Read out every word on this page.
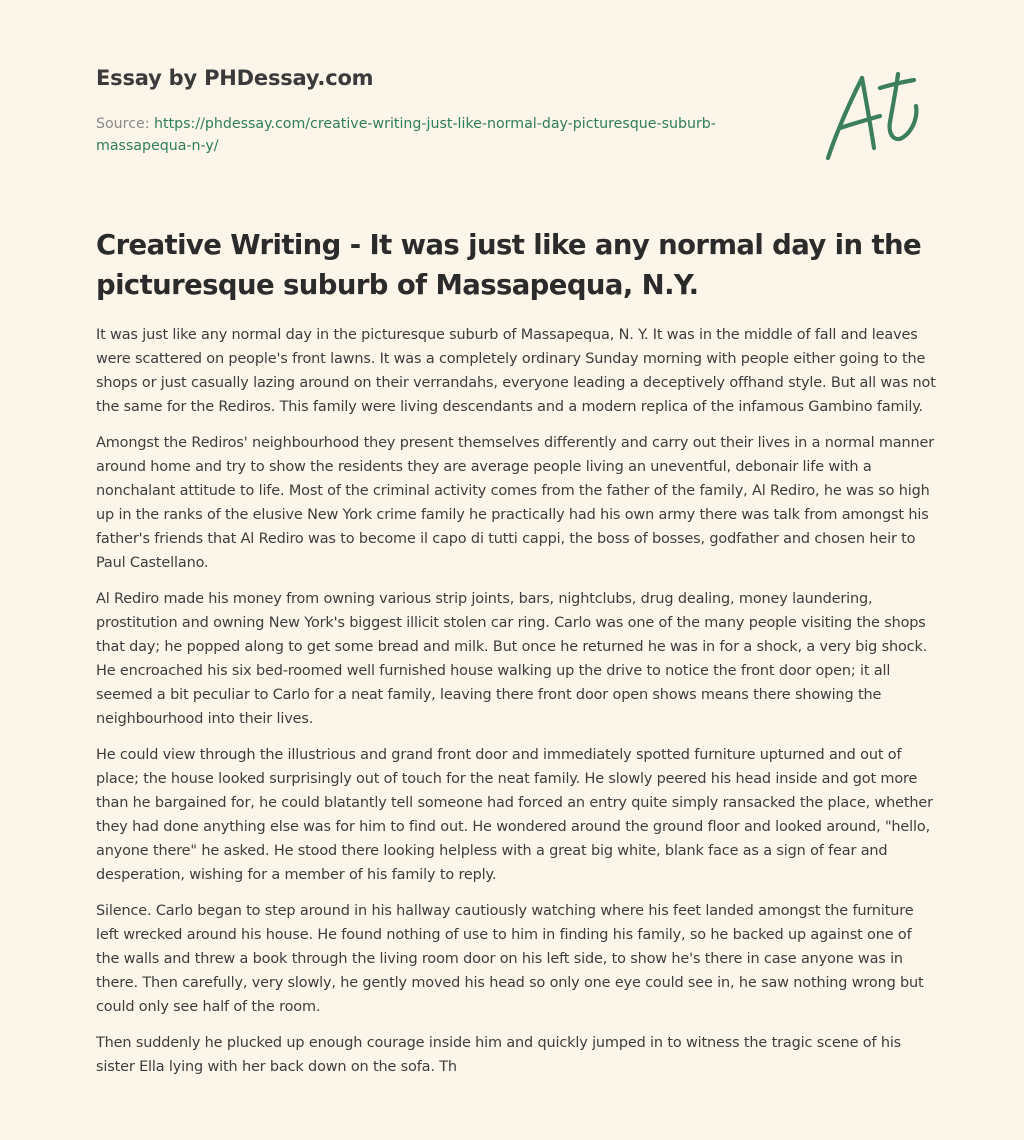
Essay by PHDessay.com
Source: https://phdessay.com/creative-writing-just-like-normal-day-picturesque-suburb-massapequa-n-y/
Creative Writing - It was just like any normal day in the picturesque suburb of Massapequa, N.Y.

It was just like any normal day in the picturesque suburb of Massapequa, N. Y. It was in the middle of fall and leaves were scattered on people's front lawns. It was a completely ordinary Sunday morning with people either going to the shops or just casually lazing around on their verrandahs, everyone leading a deceptively offhand style. But all was not the same for the Rediros. This family were living descendants and a modern replica of the infamous Gambino family.

Amongst the Rediros' neighbourhood they present themselves differently and carry out their lives in a normal manner around home and try to show the residents they are average people living an uneventful, debonair life with a nonchalant attitude to life. Most of the criminal activity comes from the father of the family, Al Rediro, he was so high up in the ranks of the elusive New York crime family he practically had his own army there was talk from amongst his father's friends that Al Rediro was to become il capo di tutti cappi, the boss of bosses, godfather and chosen heir to Paul Castellano.

Al Rediro made his money from owning various strip joints, bars, nightclubs, drug dealing, money laundering, prostitution and owning New York's biggest illicit stolen car ring. Carlo was one of the many people visiting the shops that day; he popped along to get some bread and milk. But once he returned he was in for a shock, a very big shock. He encroached his six bed-roomed well furnished house walking up the drive to notice the front door open; it all seemed a bit peculiar to Carlo for a neat family, leaving there front door open shows means there showing the neighbourhood into their lives.

He could view through the illustrious and grand front door and immediately spotted furniture upturned and out of place; the house looked surprisingly out of touch for the neat family. He slowly peered his head inside and got more than he bargained for, he could blatantly tell someone had forced an entry quite simply ransacked the place, whether they had done anything else was for him to find out. He wondered around the ground floor and looked around, "hello, anyone there" he asked. He stood there looking helpless with a great big white, blank face as a sign of fear and desperation, wishing for a member of his family to reply.

Silence. Carlo began to step around in his hallway cautiously watching where his feet landed amongst the furniture left wrecked around his house. He found nothing of use to him in finding his family, so he backed up against one of the walls and threw a book through the living room door on his left side, to show he's there in case anyone was in there. Then carefully, very slowly, he gently moved his head so only one eye could see in, he saw nothing wrong but could only see half of the room.

Then suddenly he plucked up enough courage inside him and quickly jumped in to witness the tragic scene of his sister Ella lying with her back down on the sofa. Th
